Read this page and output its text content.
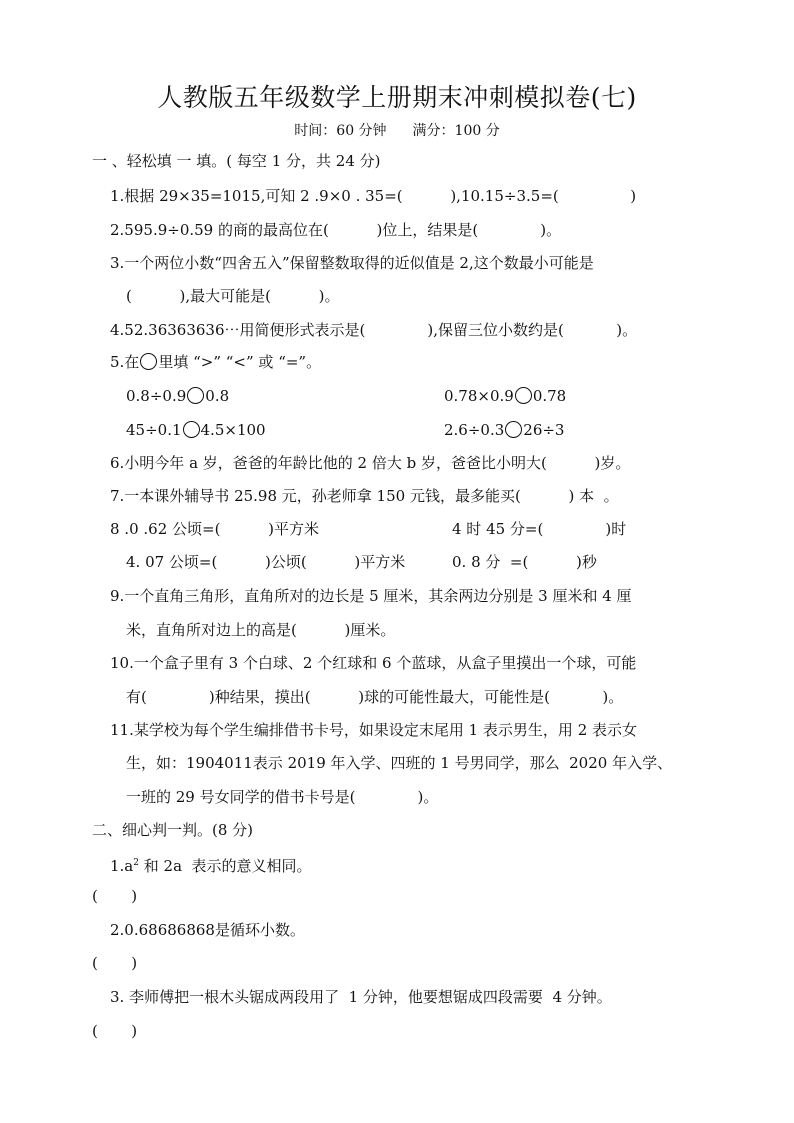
人教版五年级数学上册期末冲刺模拟卷(七)
时间：60 分钟 满分：100 分
一 、轻松填 一 填。( 每空 1 分，共 24 分)
1.根据 29×35=1015,可知 2 .9×0 . 35=(          ),10.15÷3.5=(               )
2.595.9÷0.59 的商的最高位在(          )位上，结果是(             )。
3.一个两位小数“四舍五入”保留整数取得的近似值是 2,这个数最小可能是
(          ),最大可能是(          )。
4.52.36363636⋯用简便形式表示是(             ),保留三位小数约是(           )。
5.在 里填 “>” “<” 或 “=”。
0.8÷0.9 0.8	0.78×0.9 0.78
45÷0.1 4.5×100	2.6÷0.3 26÷3
6.小明今年 a 岁，爸爸的年龄比他的 2 倍大 b 岁，爸爸比小明大(          )岁。
7.一本课外辅导书 25.98 元，孙老师拿 150 元钱，最多能买(          ) 本  。
8 .0 .62 公顷=(          )平方米	4 时 45 分=(             )时
4. 07 公顷=(          )公顷(          )平方米	0. 8 分  =(          )秒
9.一个直角三角形，直角所对的边长是 5 厘米，其余两边分别是 3 厘米和 4 厘
米，直角所对边上的高是(          )厘米。
10.一个盒子里有 3 个白球、2 个红球和 6 个蓝球，从盒子里摸出一个球，可能
有(             )种结果，摸出(          )球的可能性最大，可能性是(           )。
11.某学校为每个学生编排借书卡号，如果设定末尾用 1 表示男生，用 2 表示女
生，如：1904011表示 2019 年入学、四班的 1 号男同学，那么  2020 年入学、
一班的 29 号女同学的借书卡号是(             )。
二、细心判一判。(8 分)
$1.a^2$ 和 2a  表示的意义相同。
(       )
2.0.68686868是循环小数。
(       )
3. 李师傅把一根木头锯成两段用了  1 分钟，他要想锯成四段需要  4 分钟。
(       )
